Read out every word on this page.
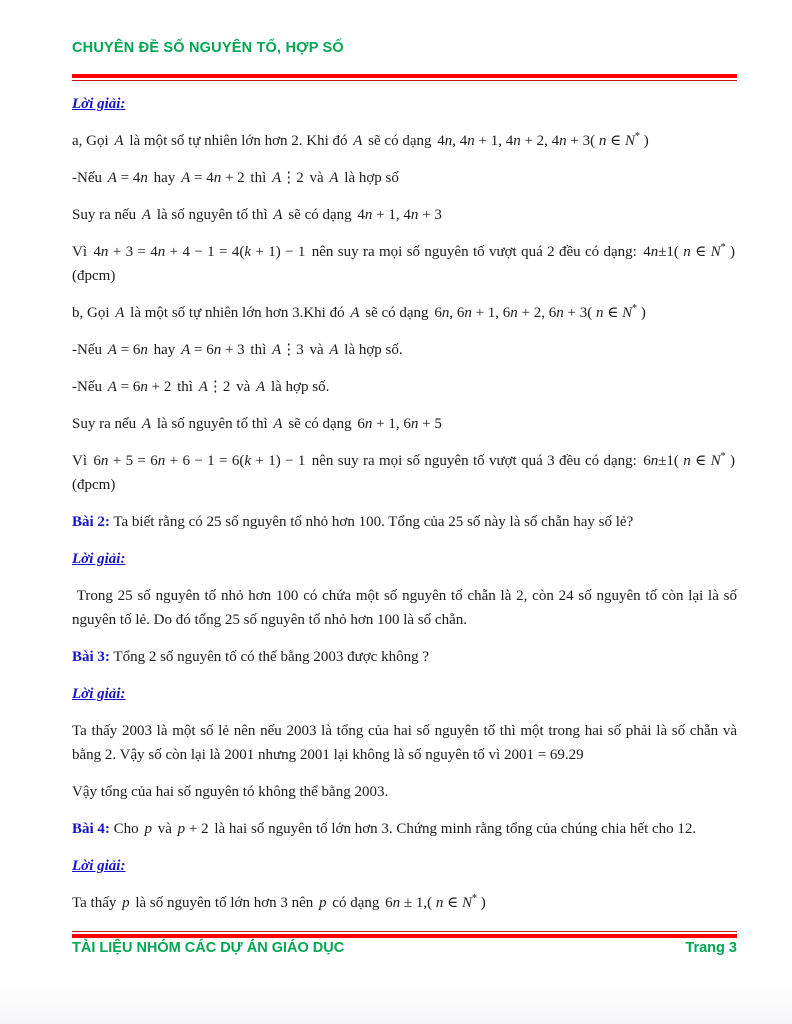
CHUYÊN ĐỀ SỐ NGUYÊN TỐ, HỢP SỐ

Lời giải:

a, Gọi A là một số tự nhiên lớn hơn 2. Khi đó A sẽ có dạng 4n, 4n + 1, 4n + 2, 4n + 3( n ∈ N* )

-Nếu A = 4n hay A = 4n + 2 thì A⋮2 và A là hợp số

Suy ra nếu A là số nguyên tố thì A sẽ có dạng 4n + 1, 4n + 3

Vì 4n + 3 = 4n + 4 − 1 = 4(k + 1) − 1 nên suy ra mọi số nguyên tố vượt quá 2 đều có dạng: 4n±1( n ∈ N* ) (đpcm)

b, Gọi A là một số tự nhiên lớn hơn 3.Khi đó A sẽ có dạng 6n, 6n + 1, 6n + 2, 6n + 3( n ∈ N* )

-Nếu A = 6n hay A = 6n + 3 thì A⋮3 và A là hợp số.

-Nếu A = 6n + 2 thì A⋮2 và A là hợp số.

Suy ra nếu A là số nguyên tố thì A sẽ có dạng 6n + 1, 6n + 5

Vì 6n + 5 = 6n + 6 − 1 = 6(k + 1) − 1 nên suy ra mọi số nguyên tố vượt quá 3 đều có dạng: 6n±1( n ∈ N* ) (đpcm)

Bài 2: Ta biết rằng có 25 số nguyên tố nhỏ hơn 100. Tổng của 25 số này là số chẵn hay số lẻ?

Lời giải:

Trong 25 số nguyên tố nhỏ hơn 100 có chứa một số nguyên tố chẵn là 2, còn 24 số nguyên tố còn lại là số nguyên tố lẻ. Do đó tổng 25 số nguyên tố nhỏ hơn 100 là số chẵn.

Bài 3: Tổng 2 số nguyên tố có thể bằng 2003 được không ?

Lời giải:

Ta thấy 2003 là một số lẻ nên nếu 2003 là tổng của hai số nguyên tố thì một trong hai số phải là số chẵn và bằng 2. Vậy số còn lại là 2001 nhưng 2001 lại không là số nguyên tố vì 2001 = 69.29

Vậy tổng của hai số nguyên tó không thể bằng 2003.

Bài 4: Cho p và p + 2 là hai số nguyên tố lớn hơn 3. Chứng minh rằng tổng của chúng chia hết cho 12.

Lời giải:

Ta thấy p là số nguyên tố lớn hơn 3 nên p có dạng 6n ± 1,( n ∈ N* )

TÀI LIỆU NHÓM CÁC DỰ ÁN GIÁO DỤC	Trang 3
